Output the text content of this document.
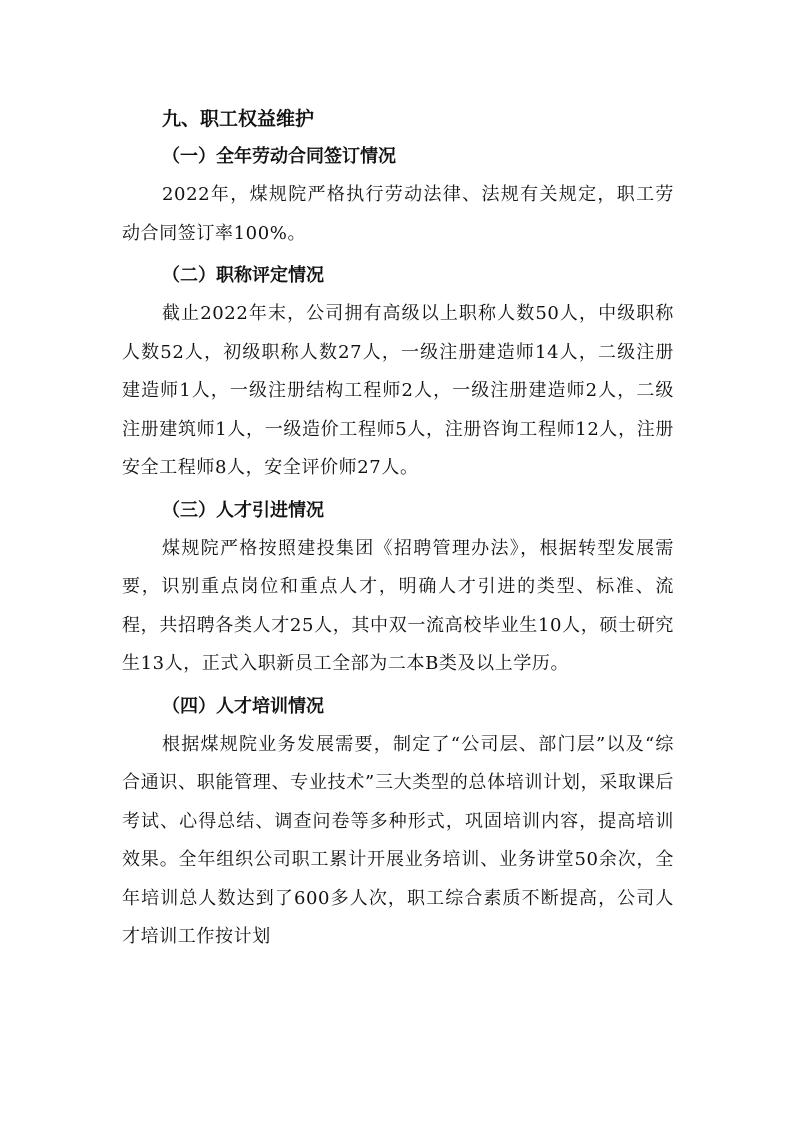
九、职工权益维护
（一）全年劳动合同签订情况

2022年，煤规院严格执行劳动法律、法规有关规定，职工劳动合同签订率100%。

（二）职称评定情况

截止2022年末，公司拥有高级以上职称人数50人，中级职称人数52人，初级职称人数27人，一级注册建造师14人，二级注册建造师1人，一级注册结构工程师2人，一级注册建造师2人，二级注册建筑师1人，一级造价工程师5人，注册咨询工程师12人，注册安全工程师8人，安全评价师27人。

（三）人才引进情况

煤规院严格按照建投集团《招聘管理办法》，根据转型发展需要，识别重点岗位和重点人才，明确人才引进的类型、标准、流程，共招聘各类人才25人，其中双一流高校毕业生10人，硕士研究生13人，正式入职新员工全部为二本B类及以上学历。

（四）人才培训情况

根据煤规院业务发展需要，制定了“公司层、部门层”以及“综合通识、职能管理、专业技术”三大类型的总体培训计划，采取课后考试、心得总结、调查问卷等多种形式，巩固培训内容，提高培训效果。全年组织公司职工累计开展业务培训、业务讲堂50余次，全年培训总人数达到了600多人次，职工综合素质不断提高，公司人才培训工作按计划
